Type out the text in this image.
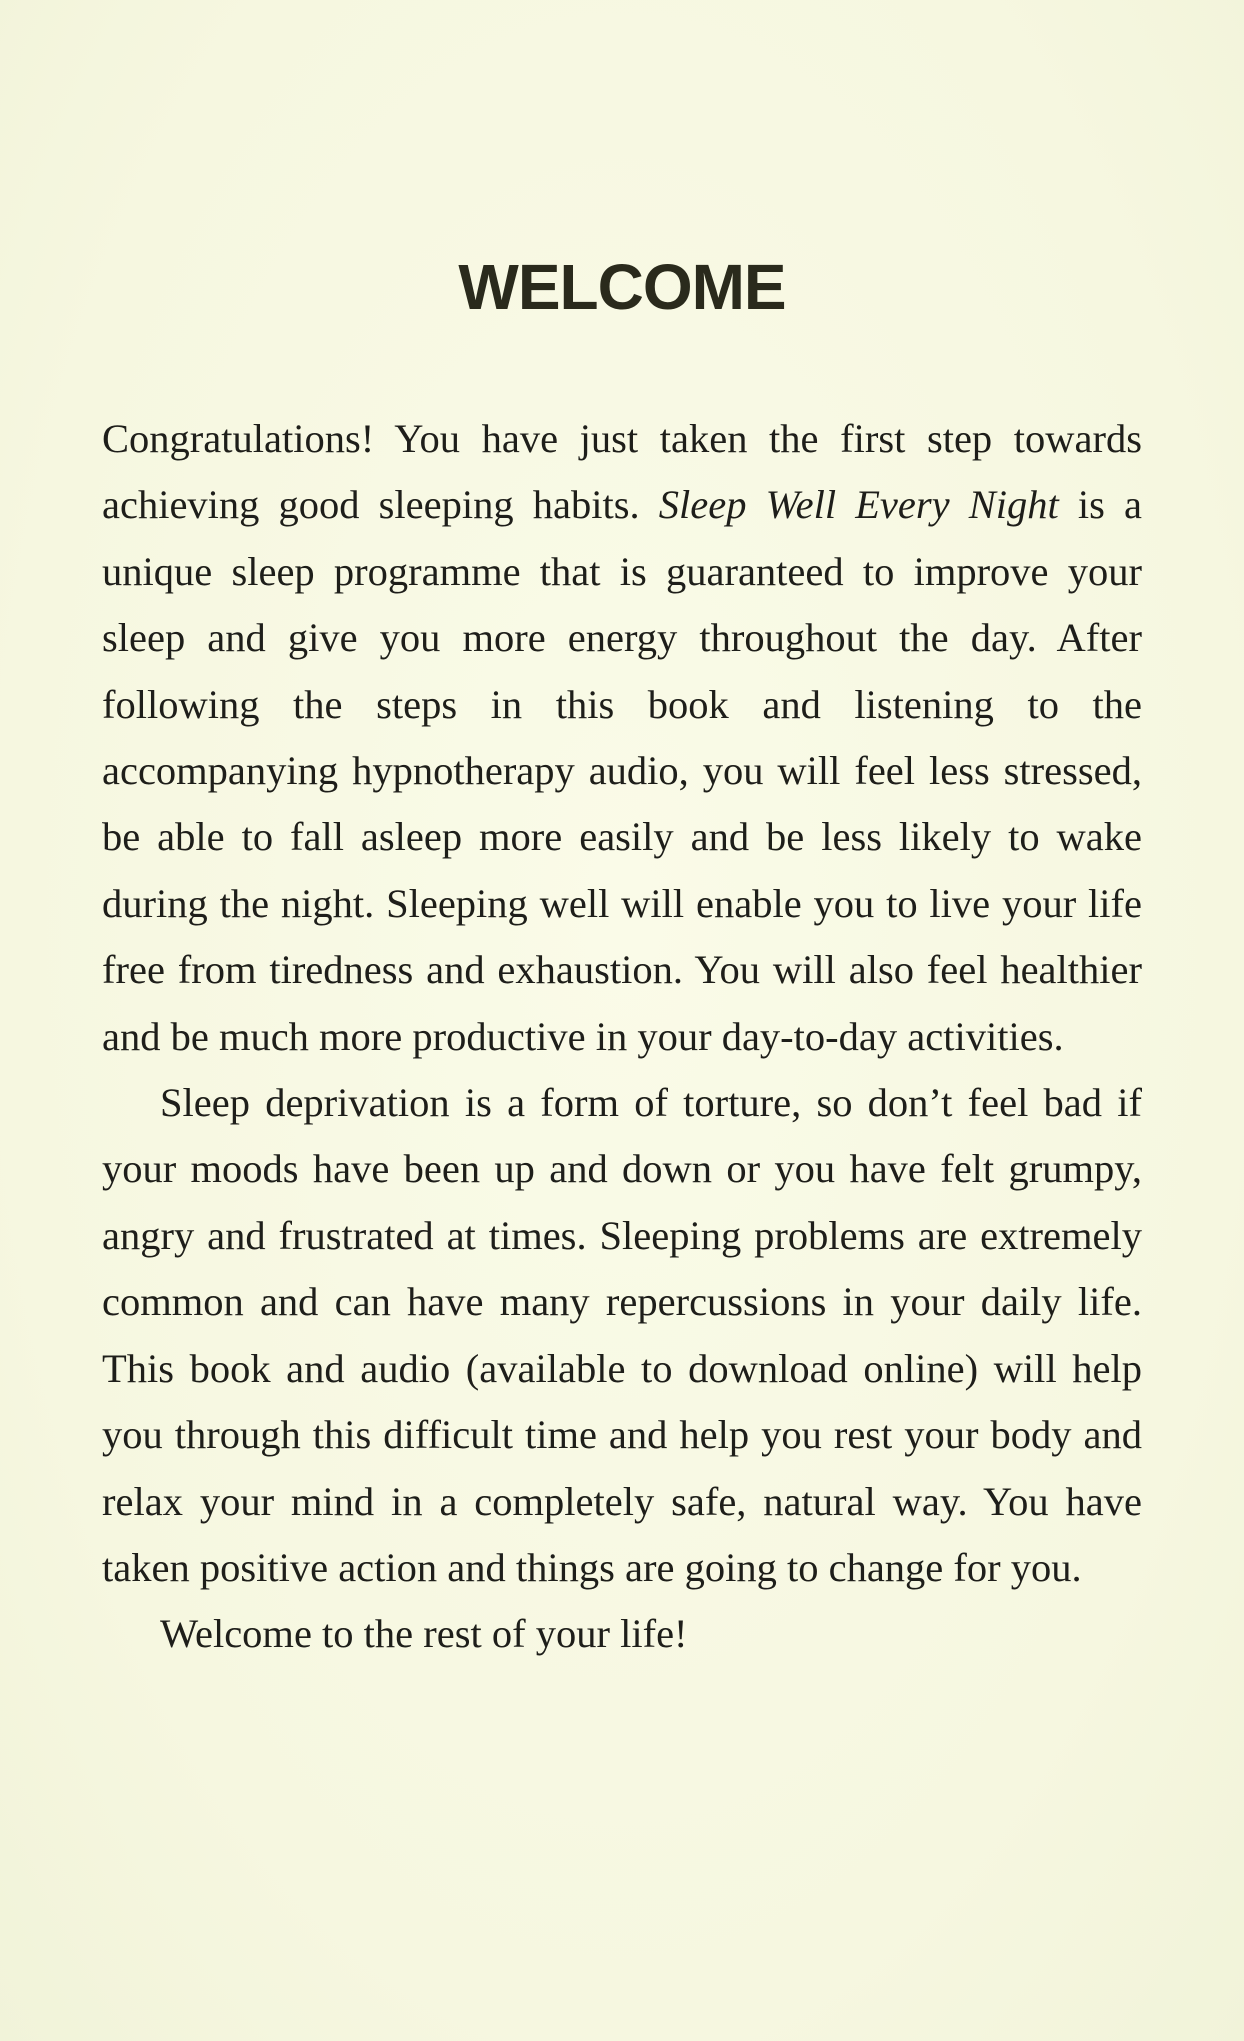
WELCOME

Congratulations! You have just taken the first step towards achieving good sleeping habits. Sleep Well Every Night is a unique sleep programme that is guaranteed to improve your sleep and give you more energy throughout the day. After following the steps in this book and listening to the accompanying hypnotherapy audio, you will feel less stressed, be able to fall asleep more easily and be less likely to wake during the night. Sleeping well will enable you to live your life free from tiredness and exhaustion. You will also feel healthier and be much more productive in your day-to-day activities.

Sleep deprivation is a form of torture, so don’t feel bad if your moods have been up and down or you have felt grumpy, angry and frustrated at times. Sleeping problems are extremely common and can have many repercussions in your daily life. This book and audio (available to download online) will help you through this difficult time and help you rest your body and relax your mind in a completely safe, natural way. You have taken positive action and things are going to change for you.

Welcome to the rest of your life!
